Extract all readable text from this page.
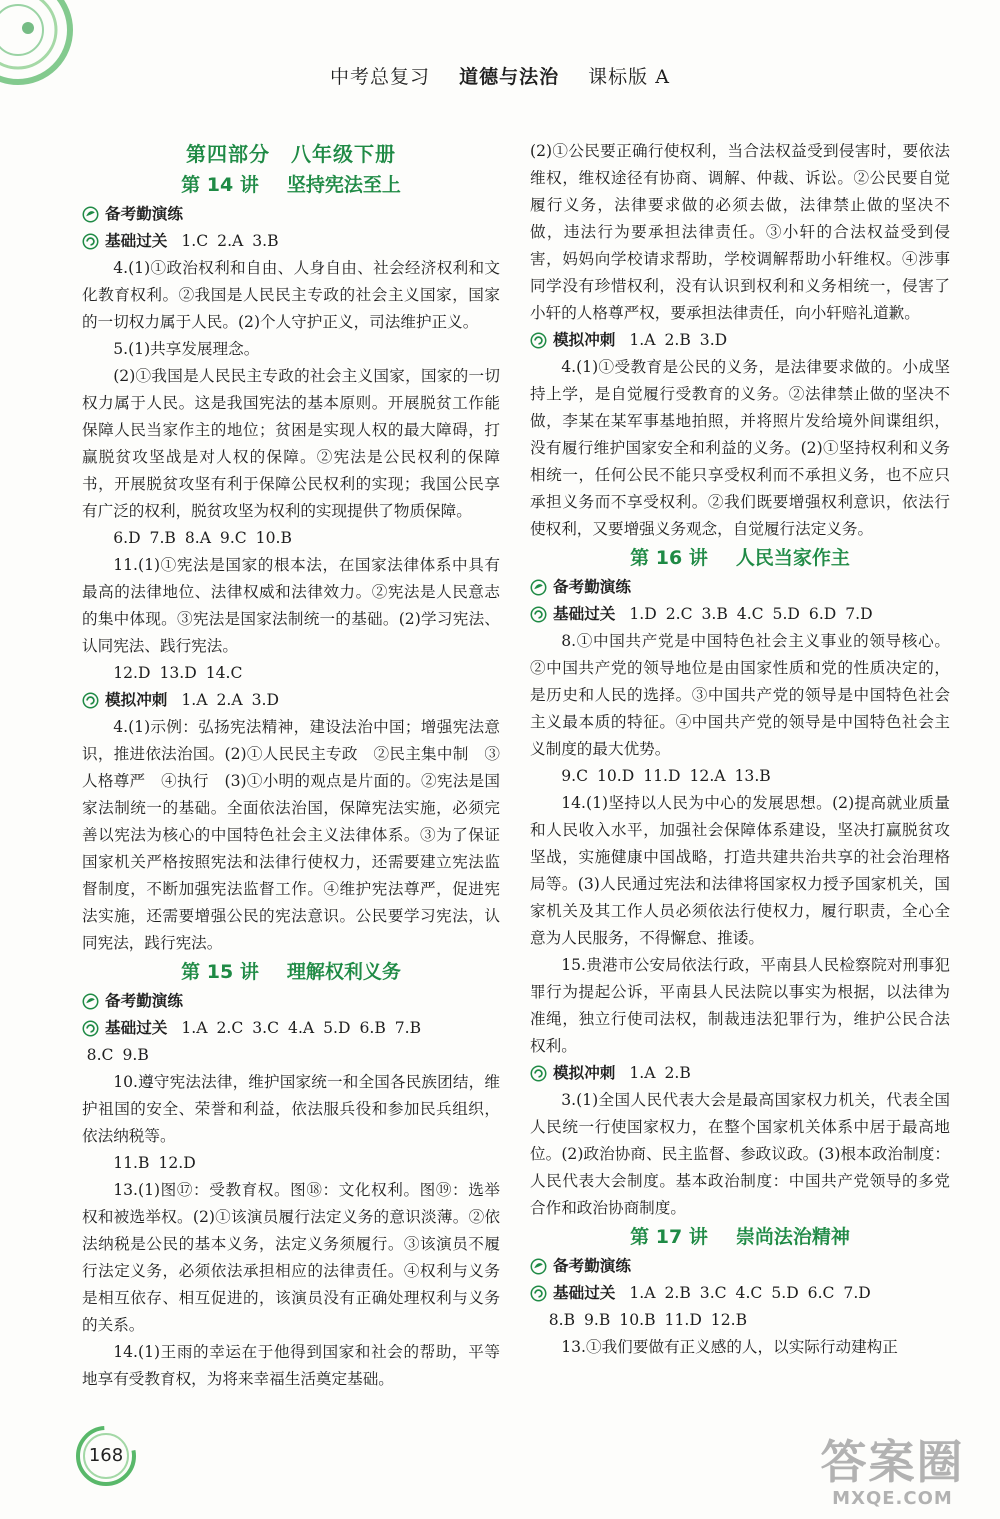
中考总复习 道德与法治 课标版 A

第四部分　八年级下册

第 14 讲 坚持宪法至上

备考勤演练
基础过关 1.C 2.A 3.B

4.(1)①政治权利和自由、人身自由、社会经济权利和文化教育权利。②我国是人民民主专政的社会主义国家，国家的一切权力属于人民。(2)个人守护正义，司法维护正义。

5.(1)共享发展理念。

(2)①我国是人民民主专政的社会主义国家，国家的一切权力属于人民。这是我国宪法的基本原则。开展脱贫工作能保障人民当家作主的地位；贫困是实现人权的最大障碍，打赢脱贫攻坚战是对人权的保障。②宪法是公民权利的保障书，开展脱贫攻坚有利于保障公民权利的实现；我国公民享有广泛的权利，脱贫攻坚为权利的实现提供了物质保障。

6.D 7.B 8.A 9.C 10.B

11.(1)①宪法是国家的根本法，在国家法律体系中具有最高的法律地位、法律权威和法律效力。②宪法是人民意志的集中体现。③宪法是国家法制统一的基础。(2)学习宪法、认同宪法、践行宪法。

12.D 13.D 14.C

模拟冲刺 1.A 2.A 3.D

4.(1)示例：弘扬宪法精神，建设法治中国；增强宪法意识，推进依法治国。(2)①人民民主专政　②民主集中制　③人格尊严　④执行　(3)①小明的观点是片面的。②宪法是国家法制统一的基础。全面依法治国，保障宪法实施，必须完善以宪法为核心的中国特色社会主义法律体系。③为了保证国家机关严格按照宪法和法律行使权力，还需要建立宪法监督制度，不断加强宪法监督工作。④维护宪法尊严，促进宪法实施，还需要增强公民的宪法意识。公民要学习宪法，认同宪法，践行宪法。

第 15 讲 理解权利义务

备考勤演练
基础过关 1.A 2.C 3.C 4.A 5.D 6.B 7.B

8.C 9.B

10.遵守宪法法律，维护国家统一和全国各民族团结，维护祖国的安全、荣誉和利益，依法服兵役和参加民兵组织，依法纳税等。

11.B 12.D

13.(1)图⑰：受教育权。图⑱：文化权利。图⑲：选举权和被选举权。(2)①该演员履行法定义务的意识淡薄。②依法纳税是公民的基本义务，法定义务须履行。③该演员不履行法定义务，必须依法承担相应的法律责任。④权利与义务是相互依存、相互促进的，该演员没有正确处理权利与义务的关系。

14.(1)王雨的幸运在于他得到国家和社会的帮助，平等地享有受教育权，为将来幸福生活奠定基础。

(2)①公民要正确行使权利，当合法权益受到侵害时，要依法维权，维权途径有协商、调解、仲裁、诉讼。②公民要自觉履行义务，法律要求做的必须去做，法律禁止做的坚决不做，违法行为要承担法律责任。③小轩的合法权益受到侵害，妈妈向学校请求帮助，学校调解帮助小轩维权。④涉事同学没有珍惜权利，没有认识到权利和义务相统一，侵害了小轩的人格尊严权，要承担法律责任，向小轩赔礼道歉。

模拟冲刺 1.A 2.B 3.D

4.(1)①受教育是公民的义务，是法律要求做的。小成坚持上学，是自觉履行受教育的义务。②法律禁止做的坚决不做，李某在某军事基地拍照，并将照片发给境外间谍组织，没有履行维护国家安全和利益的义务。(2)①坚持权利和义务相统一，任何公民不能只享受权利而不承担义务，也不应只承担义务而不享受权利。②我们既要增强权利意识，依法行使权利，又要增强义务观念，自觉履行法定义务。

第 16 讲 人民当家作主

备考勤演练
基础过关 1.D 2.C 3.B 4.C 5.D 6.D 7.D

8.①中国共产党是中国特色社会主义事业的领导核心。②中国共产党的领导地位是由国家性质和党的性质决定的，是历史和人民的选择。③中国共产党的领导是中国特色社会主义最本质的特征。④中国共产党的领导是中国特色社会主义制度的最大优势。

9.C 10.D 11.D 12.A 13.B

14.(1)坚持以人民为中心的发展思想。(2)提高就业质量和人民收入水平，加强社会保障体系建设，坚决打赢脱贫攻坚战，实施健康中国战略，打造共建共治共享的社会治理格局等。(3)人民通过宪法和法律将国家权力授予国家机关，国家机关及其工作人员必须依法行使权力，履行职责，全心全意为人民服务，不得懈怠、推诿。

15.贵港市公安局依法行政，平南县人民检察院对刑事犯罪行为提起公诉，平南县人民法院以事实为根据，以法律为准绳，独立行使司法权，制裁违法犯罪行为，维护公民合法权利。

模拟冲刺 1.A 2.B

3.(1)全国人民代表大会是最高国家权力机关，代表全国人民统一行使国家权力，在整个国家机关体系中居于最高地位。(2)政治协商、民主监督、参政议政。(3)根本政治制度：人民代表大会制度。基本政治制度：中国共产党领导的多党合作和政治协商制度。

第 17 讲 崇尚法治精神

备考勤演练
基础过关 1.A 2.B 3.C 4.C 5.D 6.C 7.D

8.B 9.B 10.B 11.D 12.B

13.①我们要做有正义感的人，以实际行动建构正

168	答案圈
MXQE.COM
